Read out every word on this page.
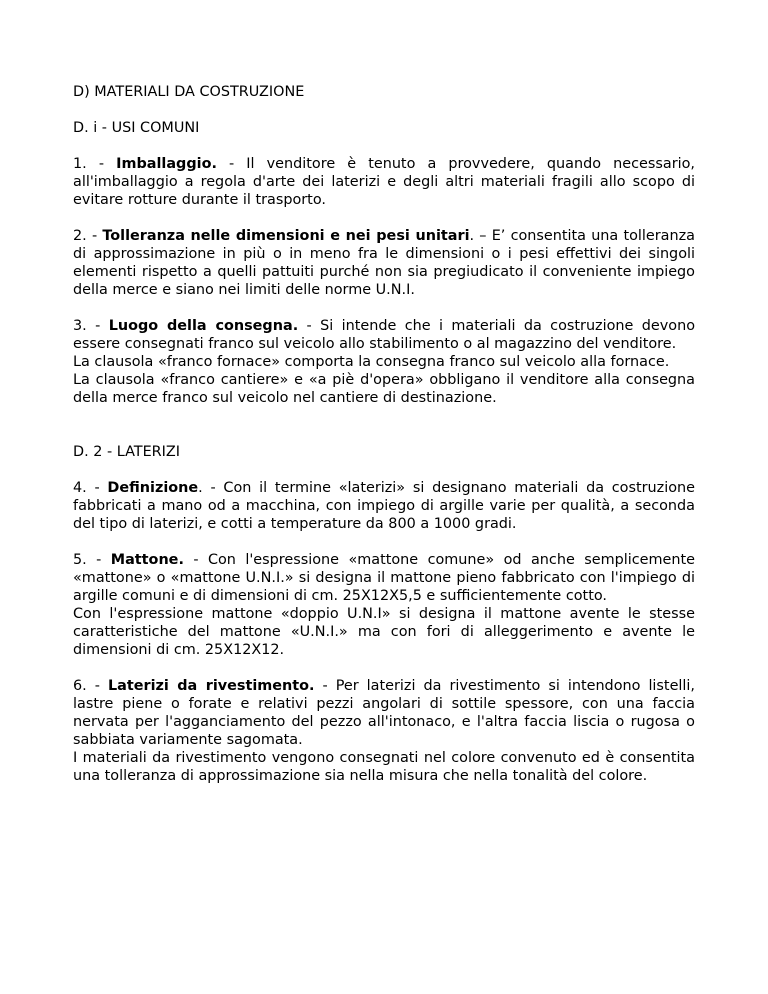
D) MATERIALI DA COSTRUZIONE
D. i - USI COMUNI

1. - Imballaggio. - Il venditore è tenuto a provvedere, quando necessario, all'imballaggio a regola d'arte dei laterizi e degli altri materiali fragili allo scopo di evitare rotture durante il trasporto.

2. - Tolleranza nelle dimensioni e nei pesi unitari. – E’ consentita una tolleranza di approssimazione in più o in meno fra le dimensioni o i pesi effettivi dei singoli elementi rispetto a quelli pattuiti purché non sia pregiudicato il conveniente impiego della merce e siano nei limiti delle norme U.N.I.

3. - Luogo della consegna. - Si intende che i materiali da costruzione devono essere consegnati franco sul veicolo allo stabilimento o al magazzino del venditore.

La clausola «franco fornace» comporta la consegna franco sul veicolo alla fornace.

La clausola «franco cantiere» e «a piè d'opera» obbligano il venditore alla consegna della merce franco sul veicolo nel cantiere di destinazione.

D. 2 - LATERIZI

4. - Definizione. - Con il termine «laterizi» si designano materiali da costruzione fabbricati a mano od a macchina, con impiego di argille varie per qualità, a seconda del tipo di laterizi, e cotti a temperature da 800 a 1000 gradi.

5. - Mattone. - Con l'espressione «mattone comune» od anche semplicemente «mattone» o «mattone U.N.I.» si designa il mattone pieno fabbricato con l'impiego di argille comuni e di dimensioni di cm. 25X12X5,5 e sufficientemente cotto.

Con l'espressione mattone «doppio U.N.I» si designa il mattone avente le stesse caratteristiche del mattone «U.N.I.» ma con fori di alleggerimento e avente le dimensioni di cm. 25X12X12.

6. - Laterizi da rivestimento. - Per laterizi da rivestimento si intendono listelli, lastre piene o forate e relativi pezzi angolari di sottile spessore, con una faccia nervata per l'agganciamento del pezzo all'intonaco, e l'altra faccia liscia o rugosa o sabbiata variamente sagomata.

I materiali da rivestimento vengono consegnati nel colore convenuto ed è consentita una tolleranza di approssimazione sia nella misura che nella tonalità del colore.
